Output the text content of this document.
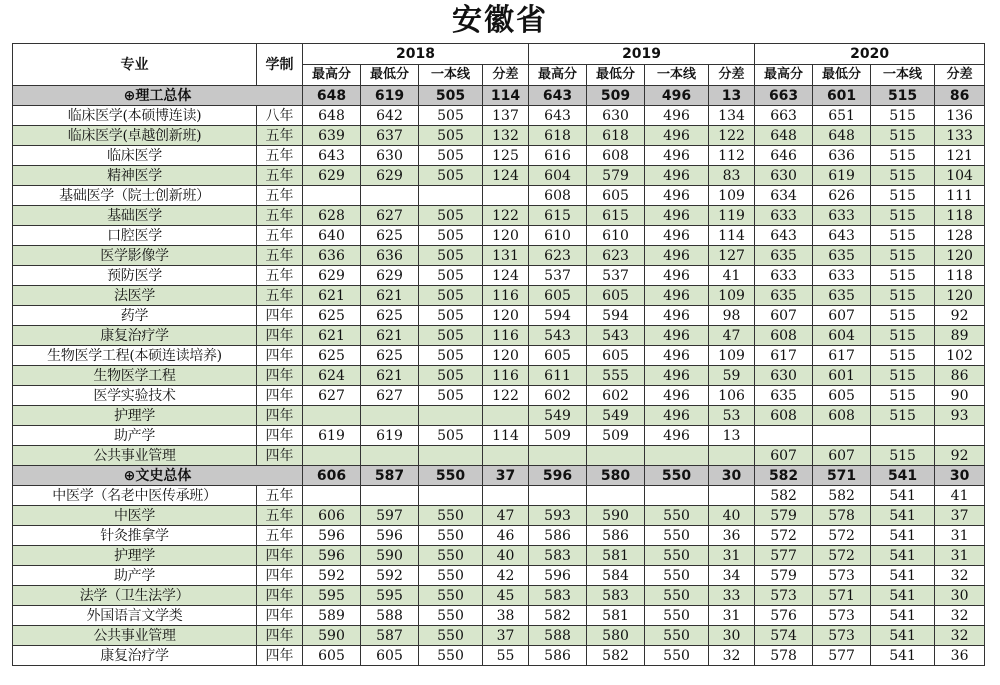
安徽省
专业	学制	2018				2019				2020			
		最高分	最低分	一本线	分差	最高分	最低分	一本线	分差	最高分	最低分	一本线	分差
⊕理工总体		648	619	505	114	643	509	496	13	663	601	515	86
临床医学(本硕博连读)	八年	648	642	505	137	643	630	496	134	663	651	515	136
临床医学(卓越创新班)	五年	639	637	505	132	618	618	496	122	648	648	515	133
临床医学	五年	643	630	505	125	616	608	496	112	646	636	515	121
精神医学	五年	629	629	505	124	604	579	496	83	630	619	515	104
基础医学（院士创新班）	五年					608	605	496	109	634	626	515	111
基础医学	五年	628	627	505	122	615	615	496	119	633	633	515	118
口腔医学	五年	640	625	505	120	610	610	496	114	643	643	515	128
医学影像学	五年	636	636	505	131	623	623	496	127	635	635	515	120
预防医学	五年	629	629	505	124	537	537	496	41	633	633	515	118
法医学	五年	621	621	505	116	605	605	496	109	635	635	515	120
药学	四年	625	625	505	120	594	594	496	98	607	607	515	92
康复治疗学	四年	621	621	505	116	543	543	496	47	608	604	515	89
生物医学工程(本硕连读培养)	四年	625	625	505	120	605	605	496	109	617	617	515	102
生物医学工程	四年	624	621	505	116	611	555	496	59	630	601	515	86
医学实验技术	四年	627	627	505	122	602	602	496	106	635	605	515	90
护理学	四年					549	549	496	53	608	608	515	93
助产学	四年	619	619	505	114	509	509	496	13				
公共事业管理	四年									607	607	515	92
⊕文史总体		606	587	550	37	596	580	550	30	582	571	541	30
中医学（名老中医传承班）	五年									582	582	541	41
中医学	五年	606	597	550	47	593	590	550	40	579	578	541	37
针灸推拿学	五年	596	596	550	46	586	586	550	36	572	572	541	31
护理学	四年	596	590	550	40	583	581	550	31	577	572	541	31
助产学	四年	592	592	550	42	596	584	550	34	579	573	541	32
法学（卫生法学）	四年	595	595	550	45	583	583	550	33	573	571	541	30
外国语言文学类	四年	589	588	550	38	582	581	550	31	576	573	541	32
公共事业管理	四年	590	587	550	37	588	580	550	30	574	573	541	32
康复治疗学	四年	605	605	550	55	586	582	550	32	578	577	541	36
